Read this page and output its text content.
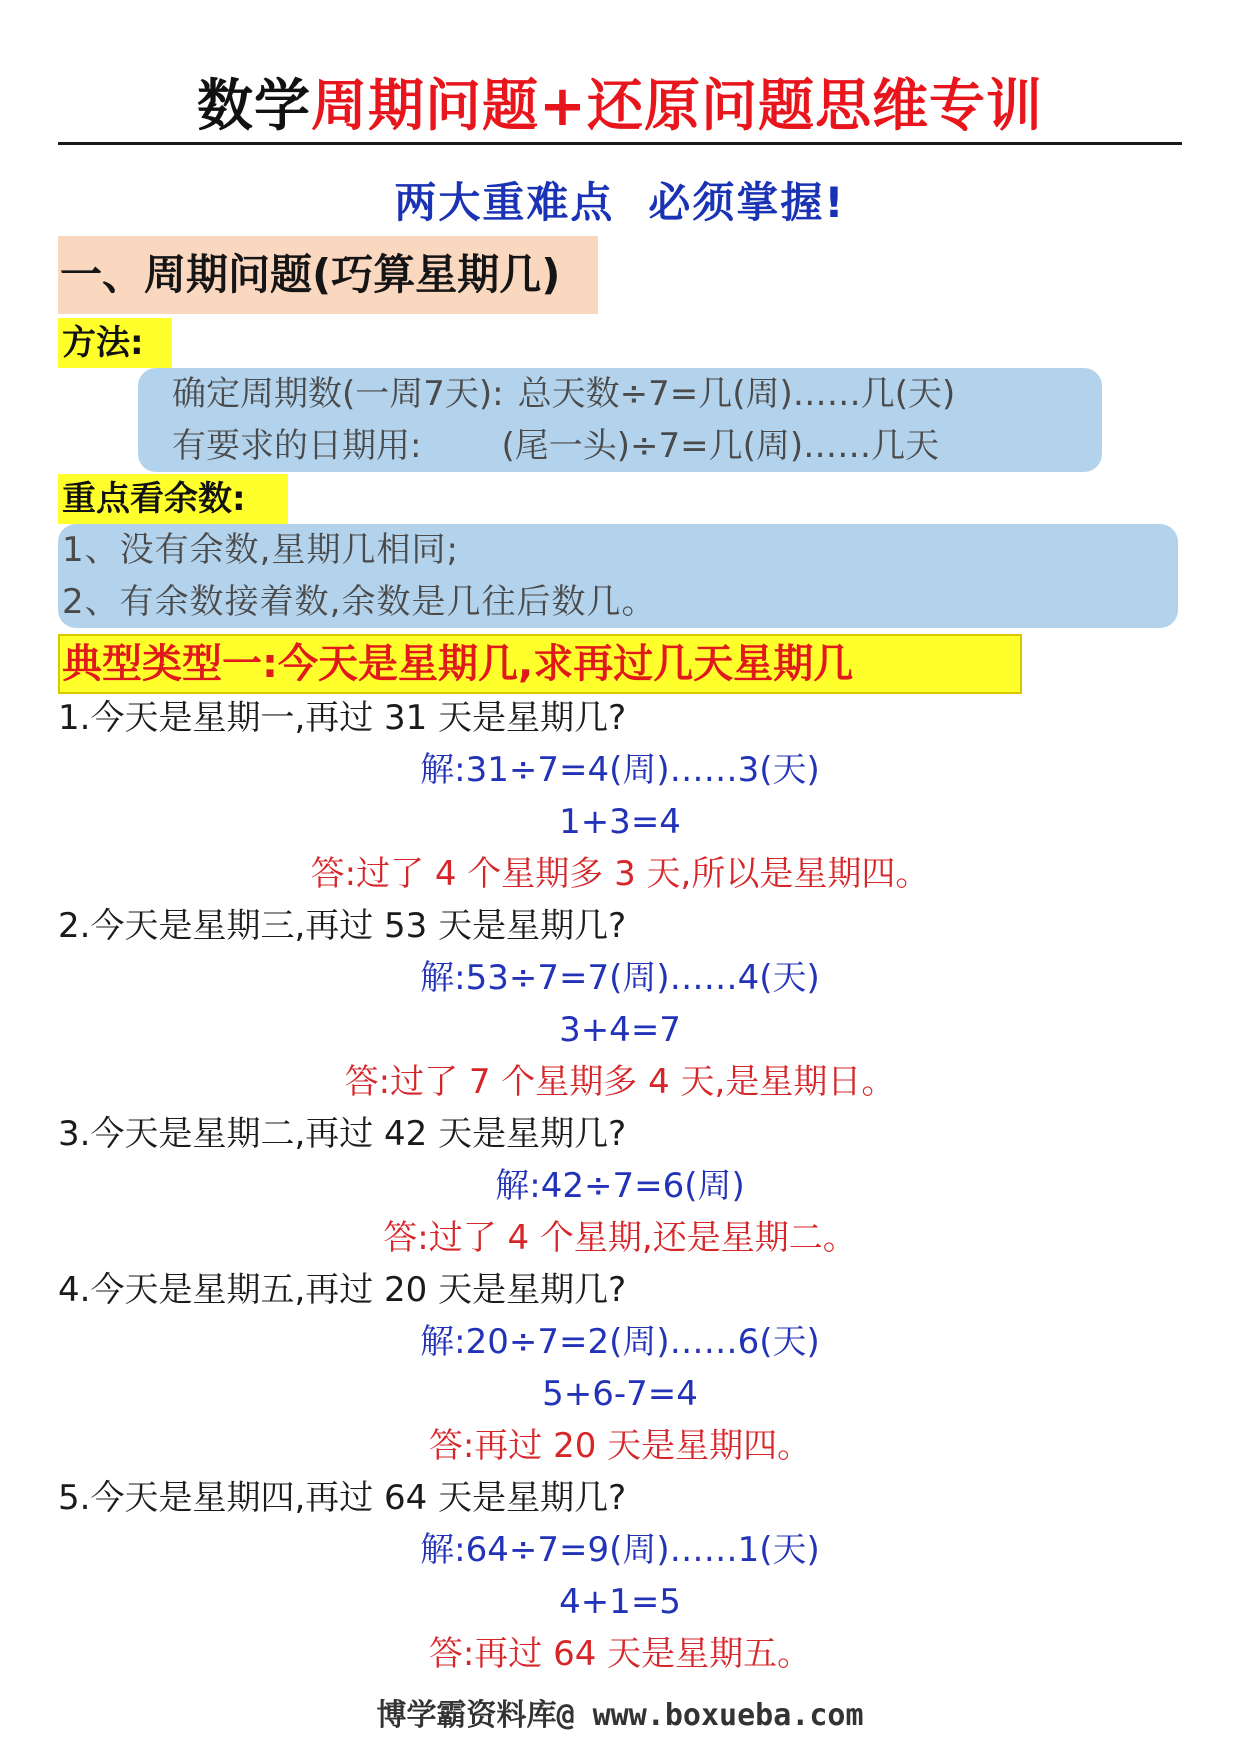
数学周期问题+还原问题思维专训
两大重难点 必须掌握!
一、周期问题(巧算星期几)
方法:
确定周期数(一周7天): 总天数÷7=几(周)……几(天)
有要求的日期用: (尾一头)÷7=几(周)……几天
重点看余数:
1、没有余数,星期几相同;
2、有余数接着数,余数是几往后数几。
典型类型一:今天是星期几,求再过几天星期几
1.今天是星期一,再过 31 天是星期几?
解:31÷7=4(周)……3(天)
1+3=4
答:过了 4 个星期多 3 天,所以是星期四。
2.今天是星期三,再过 53 天是星期几?
解:53÷7=7(周)……4(天)
3+4=7
答:过了 7 个星期多 4 天,是星期日。
3.今天是星期二,再过 42 天是星期几?
解:42÷7=6(周)
答:过了 4 个星期,还是星期二。
4.今天是星期五,再过 20 天是星期几?
解:20÷7=2(周)……6(天)
5+6-7=4
答:再过 20 天是星期四。
5.今天是星期四,再过 64 天是星期几?
解:64÷7=9(周)……1(天)
4+1=5
答:再过 64 天是星期五。
博学霸资料库@ www.boxueba.com
